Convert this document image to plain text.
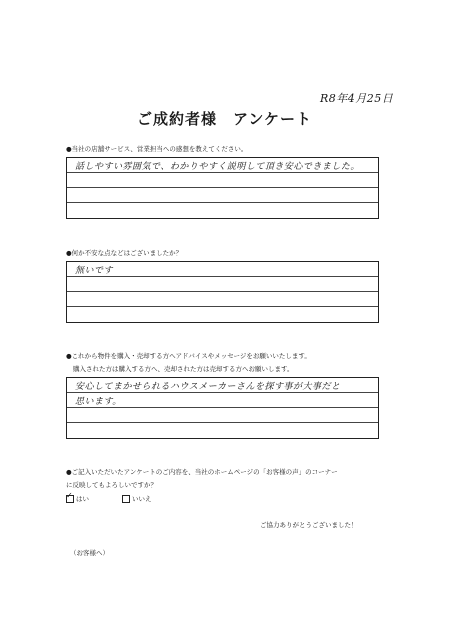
R8年4月25日
ご成約者様　アンケート
●当社の店舗サービス、営業担当への感想を教えてください。
話しやすい雰囲気で、わかりやすく説明して頂き安心できました。
●何か不安な点などはございましたか？
無いです
●これから物件を購入・売却する方へアドバイスやメッセージをお願いいたします。
購入された方は購入する方へ、売却された方は売却する方へお願いします。
安心してまかせられるハウスメーカーさんを探す事が大事だと
思います。
●ご記入いただいたアンケートのご内容を、当社のホームページの「お客様の声」のコーナー
に反映してもよろしいですか？
✓はい	いいえ
ご協力ありがとうございました！
（お客様へ）
